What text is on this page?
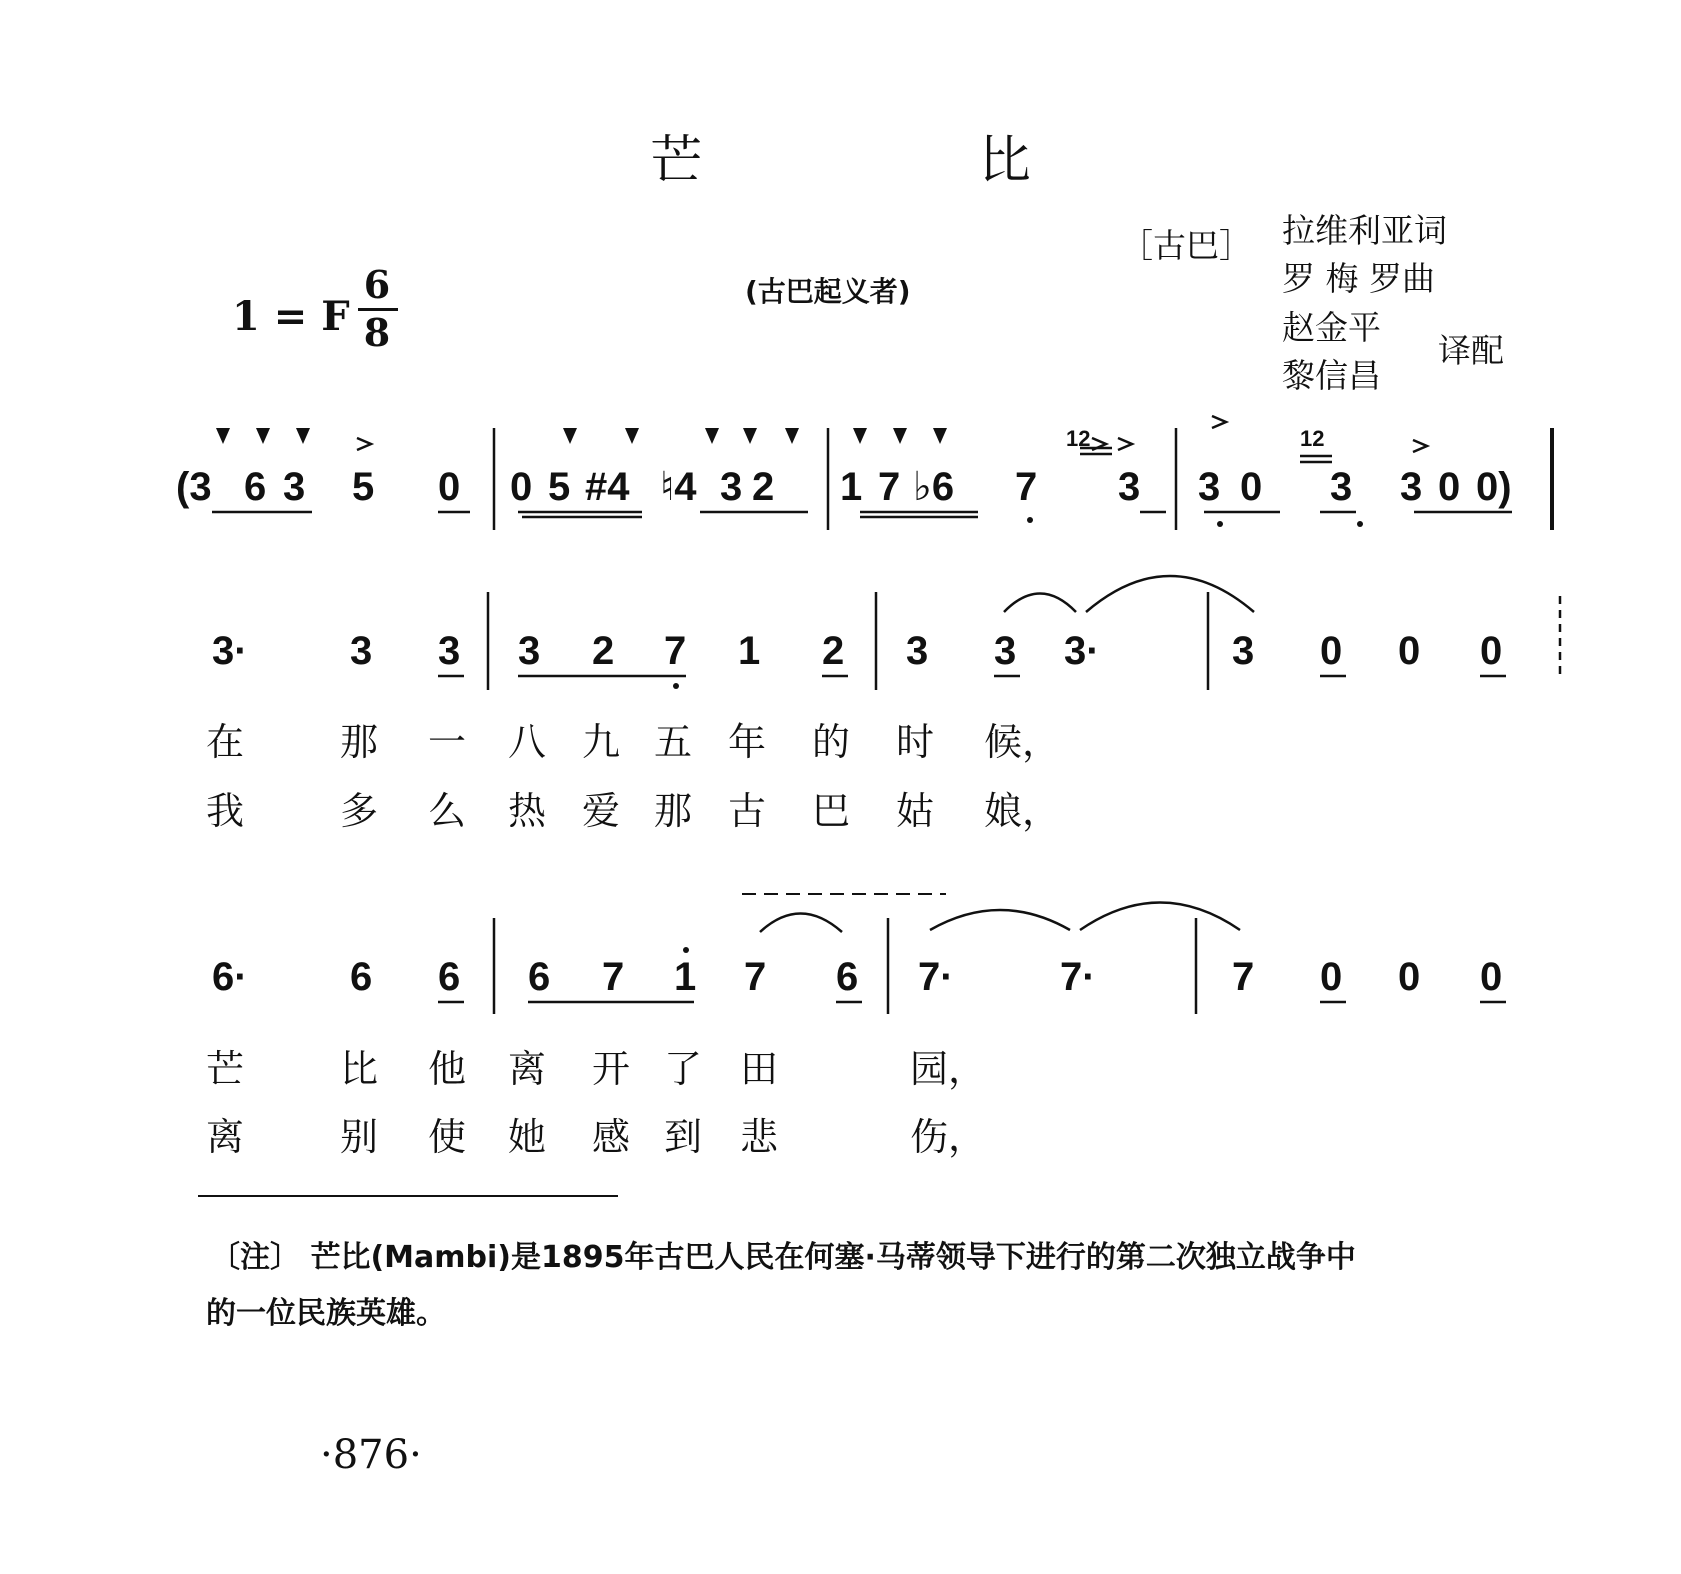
芒 比
(古巴起义者)
［古巴］ 拉维利亚词
罗 梅 罗曲
赵金平
黎信昌
译配
1 = F
6
8
(3 6 3 5 0 0 5 #4 ♮4 3 2 1 7 ♭6 7 3 3 0 3 3 0 0)
12	12
3·	3 3 3 2 7 1 2 3 3 3·	3 0 0 0
在	那 一 八 九 五 年 的 时 候，
我	多 么 热 爱 那 古 巴 姑 娘，
6·	6 6 6 7 1 7 6 7·	7·	7 0 0 0
芒	比 他 离 开 了 田	园，
离	别 使 她 感 到 悲	伤，
〔注〕 芒比(Mambi)是1895年古巴人民在何塞·马蒂领导下进行的第二次独立战争中
的一位民族英雄。
·876·
